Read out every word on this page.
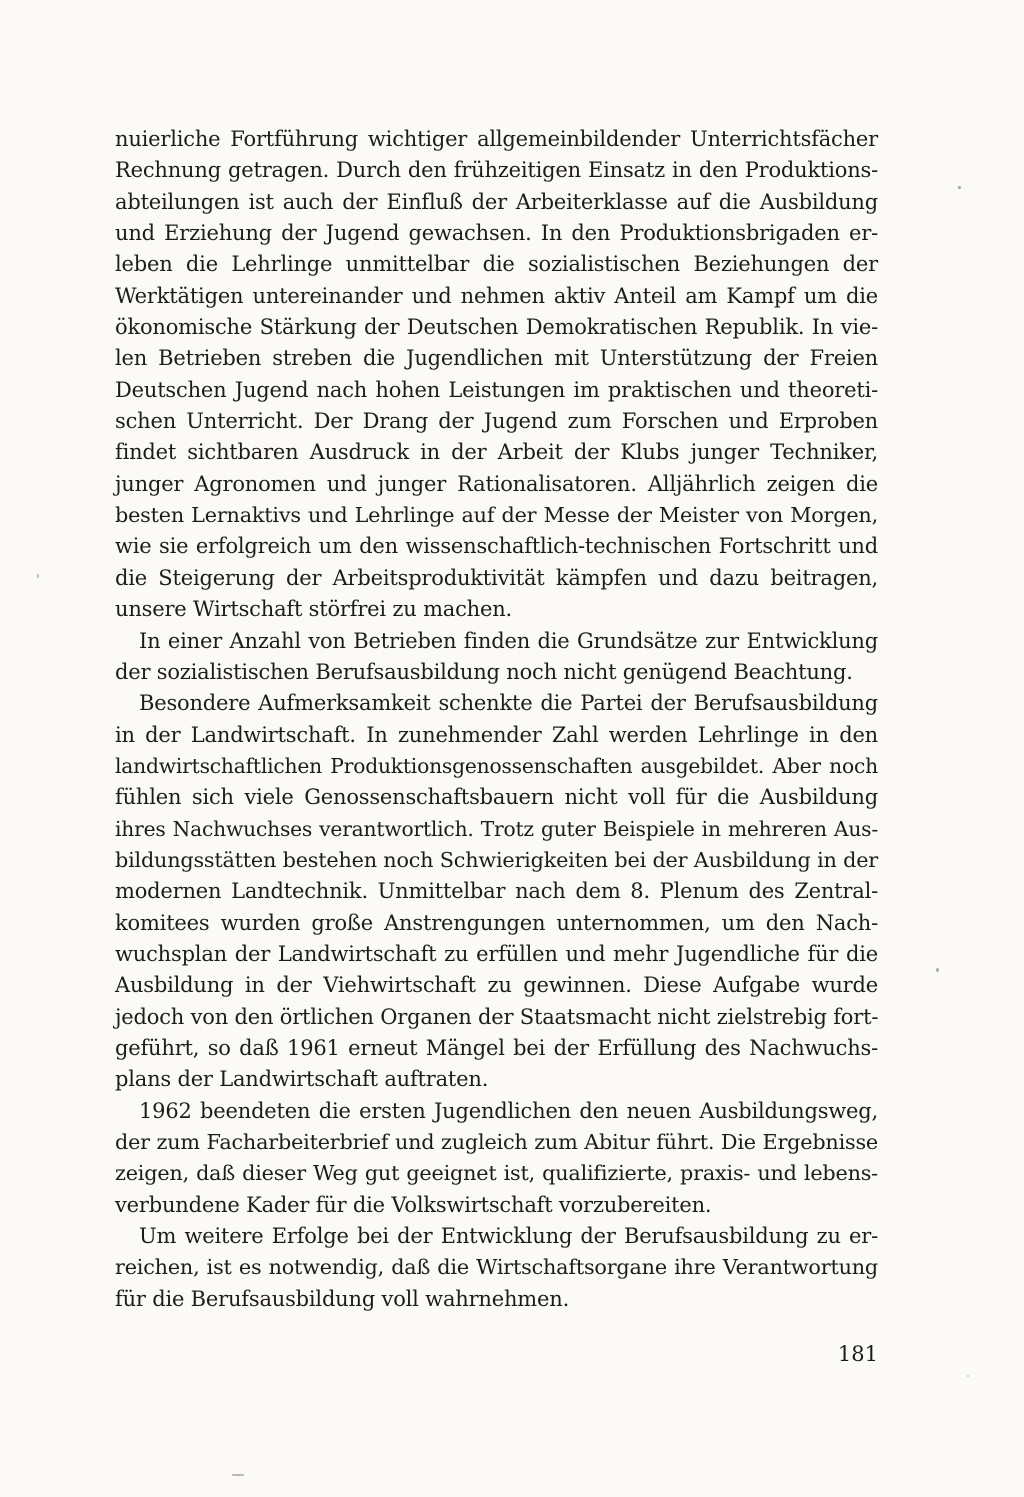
nuierliche Fortführung wichtiger allgemeinbildender Unterrichtsfächer
Rechnung getragen. Durch den frühzeitigen Einsatz in den Produktions-
abteilungen ist auch der Einfluß der Arbeiterklasse auf die Ausbildung
und Erziehung der Jugend gewachsen. In den Produktionsbrigaden er-
leben die Lehrlinge unmittelbar die sozialistischen Beziehungen der
Werktätigen untereinander und nehmen aktiv Anteil am Kampf um die
ökonomische Stärkung der Deutschen Demokratischen Republik. In vie-
len Betrieben streben die Jugendlichen mit Unterstützung der Freien
Deutschen Jugend nach hohen Leistungen im praktischen und theoreti-
schen Unterricht. Der Drang der Jugend zum Forschen und Erproben
findet sichtbaren Ausdruck in der Arbeit der Klubs junger Techniker,
junger Agronomen und junger Rationalisatoren. Alljährlich zeigen die
besten Lernaktivs und Lehrlinge auf der Messe der Meister von Morgen,
wie sie erfolgreich um den wissenschaftlich-technischen Fortschritt und
die Steigerung der Arbeitsproduktivität kämpfen und dazu beitragen,
unsere Wirtschaft störfrei zu machen.
In einer Anzahl von Betrieben finden die Grundsätze zur Entwicklung
der sozialistischen Berufsausbildung noch nicht genügend Beachtung.
Besondere Aufmerksamkeit schenkte die Partei der Berufsausbildung
in der Landwirtschaft. In zunehmender Zahl werden Lehrlinge in den
landwirtschaftlichen Produktionsgenossenschaften ausgebildet. Aber noch
fühlen sich viele Genossenschaftsbauern nicht voll für die Ausbildung
ihres Nachwuchses verantwortlich. Trotz guter Beispiele in mehreren Aus-
bildungsstätten bestehen noch Schwierigkeiten bei der Ausbildung in der
modernen Landtechnik. Unmittelbar nach dem 8. Plenum des Zentral-
komitees wurden große Anstrengungen unternommen, um den Nach-
wuchsplan der Landwirtschaft zu erfüllen und mehr Jugendliche für die
Ausbildung in der Viehwirtschaft zu gewinnen. Diese Aufgabe wurde
jedoch von den örtlichen Organen der Staatsmacht nicht zielstrebig fort-
geführt, so daß 1961 erneut Mängel bei der Erfüllung des Nachwuchs-
plans der Landwirtschaft auftraten.
1962 beendeten die ersten Jugendlichen den neuen Ausbildungsweg,
der zum Facharbeiterbrief und zugleich zum Abitur führt. Die Ergebnisse
zeigen, daß dieser Weg gut geeignet ist, qualifizierte, praxis- und lebens-
verbundene Kader für die Volkswirtschaft vorzubereiten.
Um weitere Erfolge bei der Entwicklung der Berufsausbildung zu er-
reichen, ist es notwendig, daß die Wirtschaftsorgane ihre Verantwortung
für die Berufsausbildung voll wahrnehmen.
181
